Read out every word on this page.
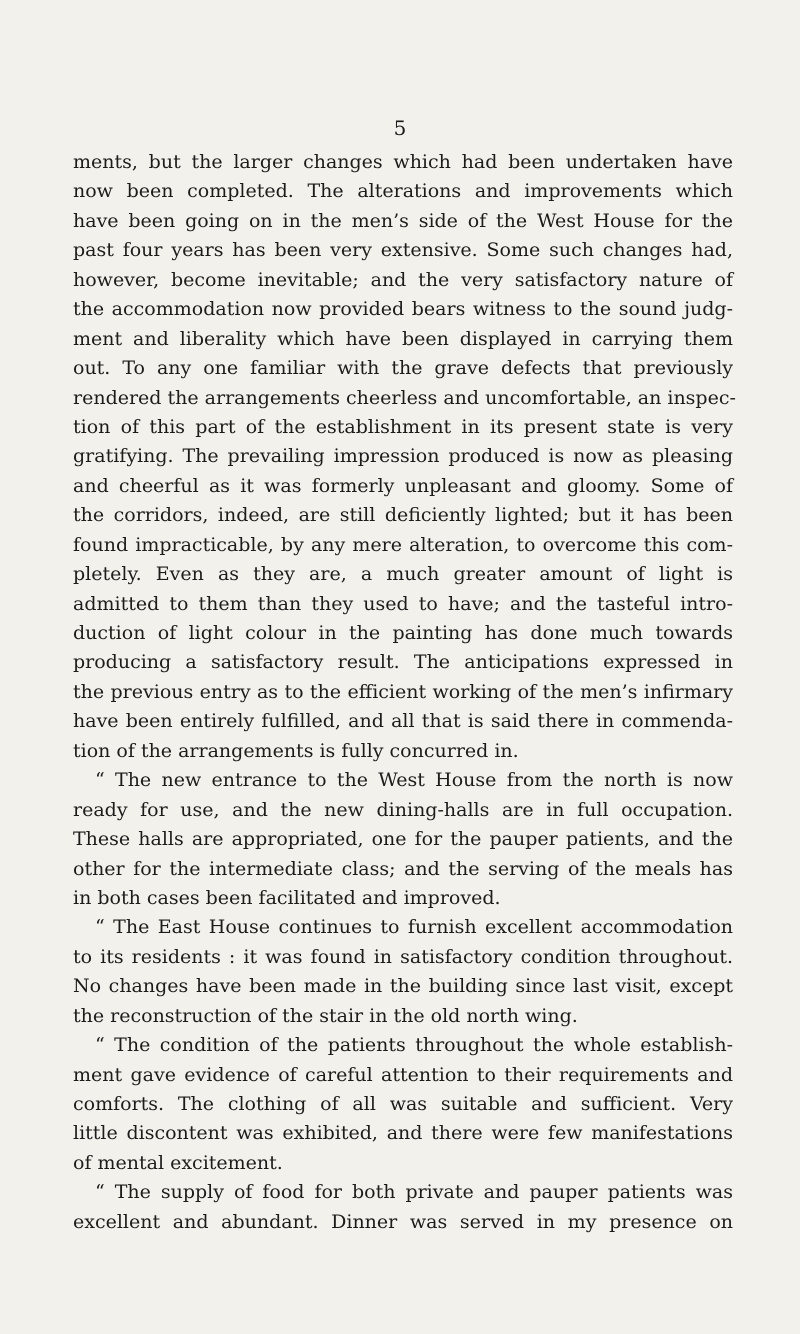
5
ments, but the larger changes which had been undertaken have
now been completed. The alterations and improvements which
have been going on in the men’s side of the West House for the
past four years has been very extensive. Some such changes had,
however, become inevitable; and the very satisfactory nature of
the accommodation now provided bears witness to the sound judg-
ment and liberality which have been displayed in carrying them
out. To any one familiar with the grave defects that previously
rendered the arrangements cheerless and uncomfortable, an inspec-
tion of this part of the establishment in its present state is very
gratifying. The prevailing impression produced is now as pleasing
and cheerful as it was formerly unpleasant and gloomy. Some of
the corridors, indeed, are still deficiently lighted; but it has been
found impracticable, by any mere alteration, to overcome this com-
pletely. Even as they are, a much greater amount of light is
admitted to them than they used to have; and the tasteful intro-
duction of light colour in the painting has done much towards
producing a satisfactory result. The anticipations expressed in
the previous entry as to the efficient working of the men’s infirmary
have been entirely fulfilled, and all that is said there in commenda-
tion of the arrangements is fully concurred in.
“ The new entrance to the West House from the north is now
ready for use, and the new dining-halls are in full occupation.
These halls are appropriated, one for the pauper patients, and the
other for the intermediate class; and the serving of the meals has
in both cases been facilitated and improved.
“ The East House continues to furnish excellent accommodation
to its residents : it was found in satisfactory condition throughout.
No changes have been made in the building since last visit, except
the reconstruction of the stair in the old north wing.
“ The condition of the patients throughout the whole establish-
ment gave evidence of careful attention to their requirements and
comforts. The clothing of all was suitable and sufficient. Very
little discontent was exhibited, and there were few manifestations
of mental excitement.
“ The supply of food for both private and pauper patients was
excellent and abundant. Dinner was served in my presence on
